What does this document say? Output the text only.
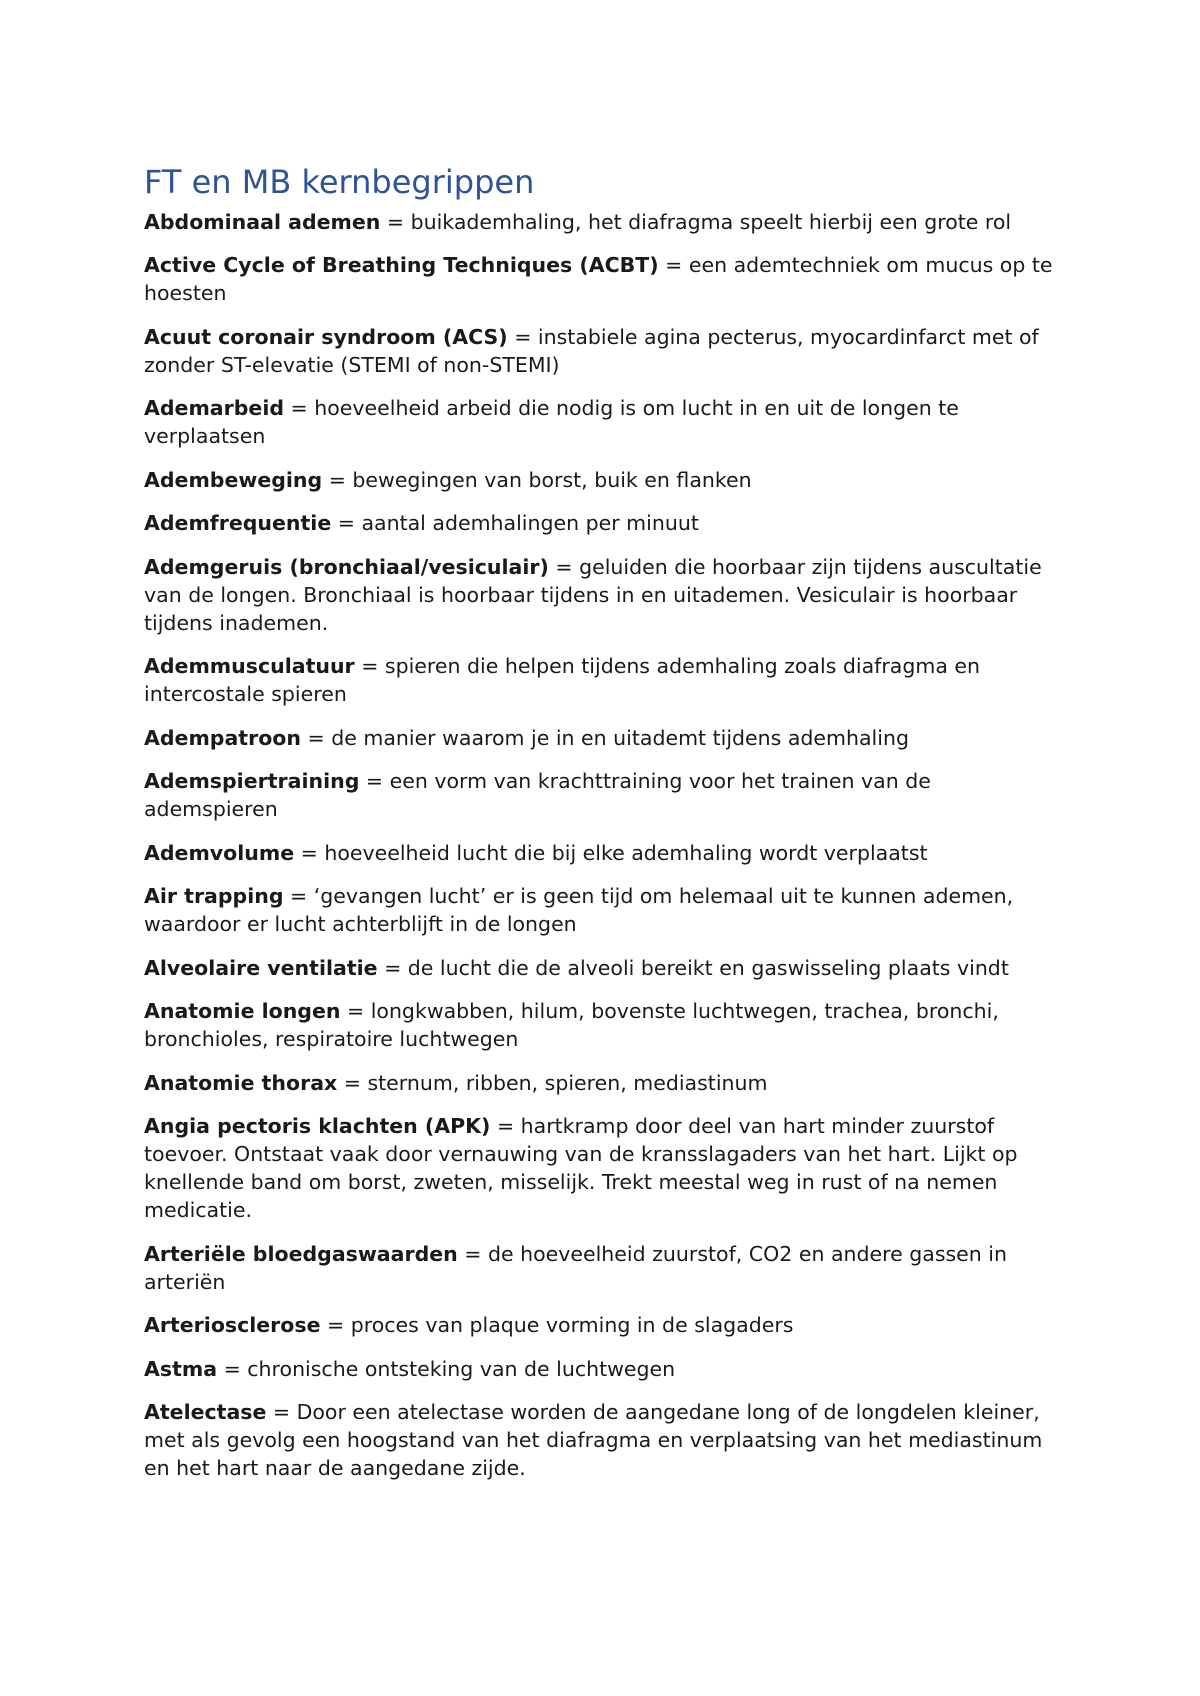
FT en MB kernbegrippen

Abdominaal ademen = buikademhaling, het diafragma speelt hierbij een grote rol

Active Cycle of Breathing Techniques (ACBT) = een ademtechniek om mucus op te hoesten

Acuut coronair syndroom (ACS) = instabiele agina pecterus, myocardinfarct met of zonder ST-elevatie (STEMI of non-STEMI)

Ademarbeid = hoeveelheid arbeid die nodig is om lucht in en uit de longen te verplaatsen

Adembeweging = bewegingen van borst, buik en flanken

Ademfrequentie = aantal ademhalingen per minuut

Ademgeruis (bronchiaal/vesiculair) = geluiden die hoorbaar zijn tijdens auscultatie van de longen. Bronchiaal is hoorbaar tijdens in en uitademen. Vesiculair is hoorbaar tijdens inademen.

Ademmusculatuur = spieren die helpen tijdens ademhaling zoals diafragma en intercostale spieren

Adempatroon = de manier waarom je in en uitademt tijdens ademhaling

Ademspiertraining = een vorm van krachttraining voor het trainen van de ademspieren

Ademvolume = hoeveelheid lucht die bij elke ademhaling wordt verplaatst

Air trapping = ‘gevangen lucht’ er is geen tijd om helemaal uit te kunnen ademen, waardoor er lucht achterblijft in de longen

Alveolaire ventilatie = de lucht die de alveoli bereikt en gaswisseling plaats vindt

Anatomie longen = longkwabben, hilum, bovenste luchtwegen, trachea, bronchi, bronchioles, respiratoire luchtwegen

Anatomie thorax = sternum, ribben, spieren, mediastinum

Angia pectoris klachten (APK) = hartkramp door deel van hart minder zuurstof toevoer. Ontstaat vaak door vernauwing van de kransslagaders van het hart. Lijkt op knellende band om borst, zweten, misselijk. Trekt meestal weg in rust of na nemen medicatie.

Arteriële bloedgaswaarden = de hoeveelheid zuurstof, CO2 en andere gassen in arteriën

Arteriosclerose = proces van plaque vorming in de slagaders

Astma = chronische ontsteking van de luchtwegen

Atelectase = Door een atelectase worden de aangedane long of de longdelen kleiner, met als gevolg een hoogstand van het diafragma en verplaatsing van het mediastinum en het hart naar de aangedane zijde.
